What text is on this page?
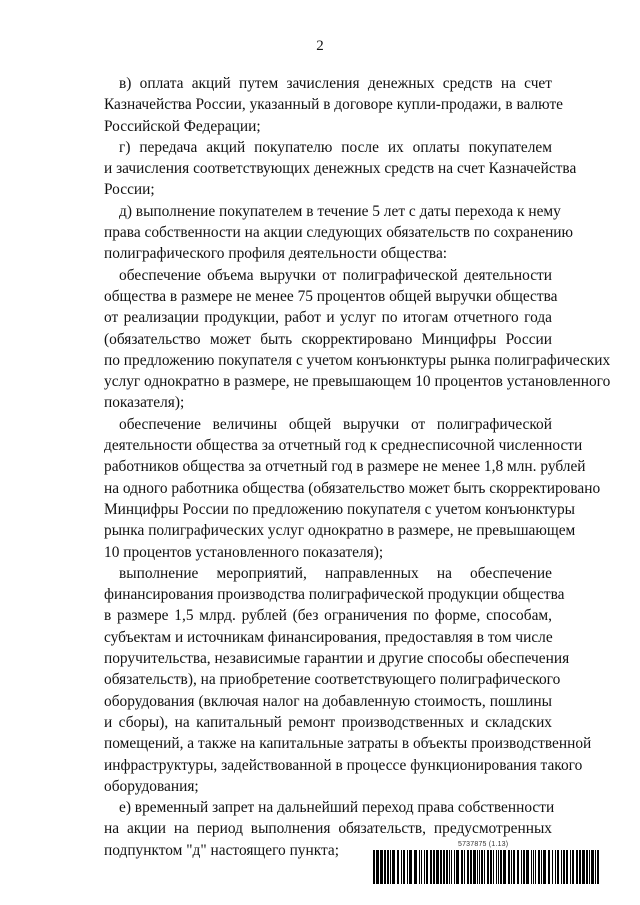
2
в) оплата акций путем зачисления денежных средств на счет
Казначейства России, указанный в договоре купли-продажи, в валюте
Российской Федерации;
г) передача акций покупателю после их оплаты покупателем
и зачисления соответствующих денежных средств на счет Казначейства
России;
д) выполнение покупателем в течение 5 лет с даты перехода к нему
права собственности на акции следующих обязательств по сохранению
полиграфического профиля деятельности общества:
обеспечение объема выручки от полиграфической деятельности
общества в размере не менее 75 процентов общей выручки общества
от реализации продукции, работ и услуг по итогам отчетного года
(обязательство может быть скорректировано Минцифры России
по предложению покупателя с учетом конъюнктуры рынка полиграфических
услуг однократно в размере, не превышающем 10 процентов установленного
показателя);
обеспечение величины общей выручки от полиграфической
деятельности общества за отчетный год к среднесписочной численности
работников общества за отчетный год в размере не менее 1,8 млн. рублей
на одного работника общества (обязательство может быть скорректировано
Минцифры России по предложению покупателя с учетом конъюнктуры
рынка полиграфических услуг однократно в размере, не превышающем
10 процентов установленного показателя);
выполнение мероприятий, направленных на обеспечение
финансирования производства полиграфической продукции общества
в размере 1,5 млрд. рублей (без ограничения по форме, способам,
субъектам и источникам финансирования, предоставляя в том числе
поручительства, независимые гарантии и другие способы обеспечения
обязательств), на приобретение соответствующего полиграфического
оборудования (включая налог на добавленную стоимость, пошлины
и сборы), на капитальный ремонт производственных и складских
помещений, а также на капитальные затраты в объекты производственной
инфраструктуры, задействованной в процессе функционирования такого
оборудования;
е) временный запрет на дальнейший переход права собственности
на акции на период выполнения обязательств, предусмотренных
подпунктом "д" настоящего пункта;	5737875 (1.13)
